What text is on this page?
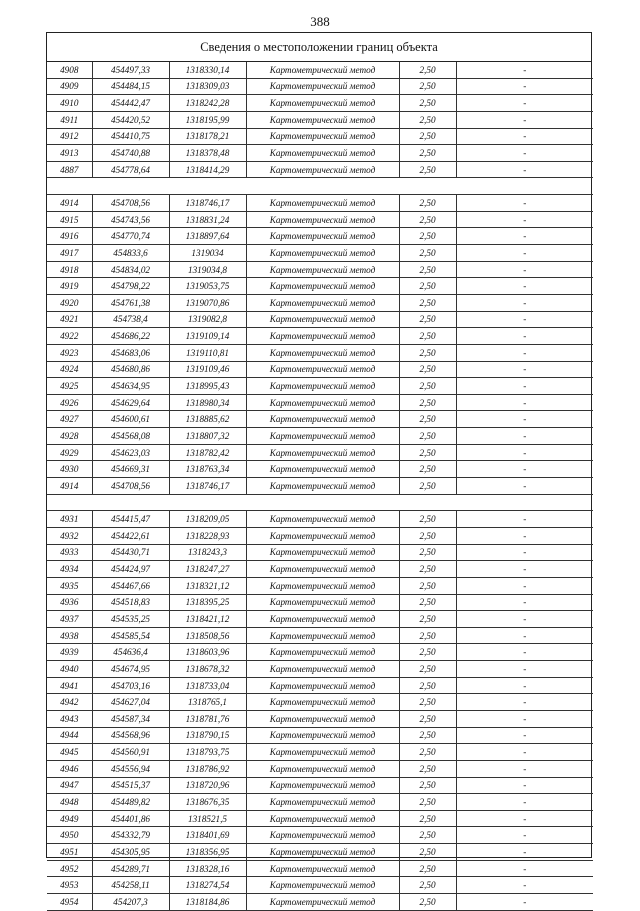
388
Сведения о местоположении границ объекта
4908	454497,33	1318330,14	Картометрический метод	2,50	-
4909	454484,15	1318309,03	Картометрический метод	2,50	-
4910	454442,47	1318242,28	Картометрический метод	2,50	-
4911	454420,52	1318195,99	Картометрический метод	2,50	-
4912	454410,75	1318178,21	Картометрический метод	2,50	-
4913	454740,88	1318378,48	Картометрический метод	2,50	-
4887	454778,64	1318414,29	Картометрический метод	2,50	-

4914	454708,56	1318746,17	Картометрический метод	2,50	-
4915	454743,56	1318831,24	Картометрический метод	2,50	-
4916	454770,74	1318897,64	Картометрический метод	2,50	-
4917	454833,6	1319034	Картометрический метод	2,50	-
4918	454834,02	1319034,8	Картометрический метод	2,50	-
4919	454798,22	1319053,75	Картометрический метод	2,50	-
4920	454761,38	1319070,86	Картометрический метод	2,50	-
4921	454738,4	1319082,8	Картометрический метод	2,50	-
4922	454686,22	1319109,14	Картометрический метод	2,50	-
4923	454683,06	1319110,81	Картометрический метод	2,50	-
4924	454680,86	1319109,46	Картометрический метод	2,50	-
4925	454634,95	1318995,43	Картометрический метод	2,50	-
4926	454629,64	1318980,34	Картометрический метод	2,50	-
4927	454600,61	1318885,62	Картометрический метод	2,50	-
4928	454568,08	1318807,32	Картометрический метод	2,50	-
4929	454623,03	1318782,42	Картометрический метод	2,50	-
4930	454669,31	1318763,34	Картометрический метод	2,50	-
4914	454708,56	1318746,17	Картометрический метод	2,50	-

4931	454415,47	1318209,05	Картометрический метод	2,50	-
4932	454422,61	1318228,93	Картометрический метод	2,50	-
4933	454430,71	1318243,3	Картометрический метод	2,50	-
4934	454424,97	1318247,27	Картометрический метод	2,50	-
4935	454467,66	1318321,12	Картометрический метод	2,50	-
4936	454518,83	1318395,25	Картометрический метод	2,50	-
4937	454535,25	1318421,12	Картометрический метод	2,50	-
4938	454585,54	1318508,56	Картометрический метод	2,50	-
4939	454636,4	1318603,96	Картометрический метод	2,50	-
4940	454674,95	1318678,32	Картометрический метод	2,50	-
4941	454703,16	1318733,04	Картометрический метод	2,50	-
4942	454627,04	1318765,1	Картометрический метод	2,50	-
4943	454587,34	1318781,76	Картометрический метод	2,50	-
4944	454568,96	1318790,15	Картометрический метод	2,50	-
4945	454560,91	1318793,75	Картометрический метод	2,50	-
4946	454556,94	1318786,92	Картометрический метод	2,50	-
4947	454515,37	1318720,96	Картометрический метод	2,50	-
4948	454489,82	1318676,35	Картометрический метод	2,50	-
4949	454401,86	1318521,5	Картометрический метод	2,50	-
4950	454332,79	1318401,69	Картометрический метод	2,50	-
4951	454305,95	1318356,95	Картометрический метод	2,50	-
4952	454289,71	1318328,16	Картометрический метод	2,50	-
4953	454258,11	1318274,54	Картометрический метод	2,50	-
4954	454207,3	1318184,86	Картометрический метод	2,50	-
